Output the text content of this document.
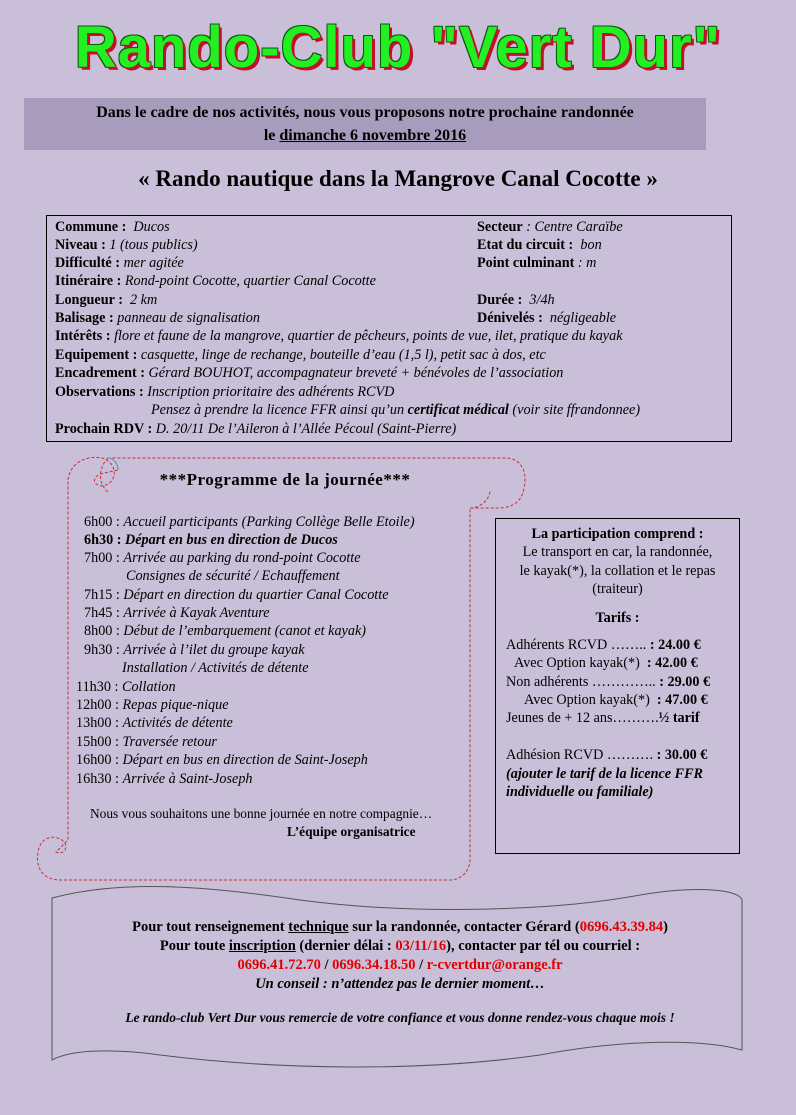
Rando-Club "Vert Dur"
Dans le cadre de nos activités, nous vous proposons notre prochaine randonnée
le dimanche 6 novembre 2016
« Rando nautique dans la Mangrove Canal Cocotte »
Commune : Ducos	Secteur : Centre Caraïbe
Niveau : 1 (tous publics)	Etat du circuit : bon
Difficulté : mer agitée	Point culminant : m
Itinéraire : Rond-point Cocotte, quartier Canal Cocotte
Longueur : 2 km	Durée : 3/4h
Balisage : panneau de signalisation	Dénivelés : négligeable
Intérêts : flore et faune de la mangrove, quartier de pêcheurs, points de vue, ilet, pratique du kayak
Equipement : casquette, linge de rechange, bouteille d’eau (1,5 l), petit sac à dos, etc
Encadrement : Gérard BOUHOT, accompagnateur breveté + bénévoles de l’association
Observations : Inscription prioritaire des adhérents RCVD
Pensez à prendre la licence FFR ainsi qu’un certificat médical (voir site ffrandonnee)
Prochain RDV : D. 20/11 De l’Aileron à l’Allée Pécoul (Saint-Pierre)
***Programme de la journée***
6h00 : Accueil participants (Parking Collège Belle Etoile)
6h30 : Départ en bus en direction de Ducos
7h00 : Arrivée au parking du rond-point Cocotte
Consignes de sécurité / Echauffement
7h15 : Départ en direction du quartier Canal Cocotte
7h45 : Arrivée à Kayak Aventure
8h00 : Début de l’embarquement (canot et kayak)
9h30 : Arrivée à l’ilet du groupe kayak
Installation / Activités de détente
11h30 : Collation
12h00 : Repas pique-nique
13h00 : Activités de détente
15h00 : Traversée retour
16h00 : Départ en bus en direction de Saint-Joseph
16h30 : Arrivée à Saint-Joseph
Nous vous souhaitons une bonne journée en notre compagnie…
L’équipe organisatrice
La participation comprend :
Le transport en car, la randonnée,
le kayak(*), la collation et le repas
(traiteur)
Tarifs :
Adhérents RCVD …….. : 24.00 €
Avec Option kayak(*) : 42.00 €
Non adhérents ………….. : 29.00 €
Avec Option kayak(*) : 47.00 €
Jeunes de + 12 ans……….½ tarif
Adhésion RCVD ………. : 30.00 €
(ajouter le tarif de la licence FFR individuelle ou familiale)
Pour tout renseignement technique sur la randonnée, contacter Gérard (0696.43.39.84)
Pour toute inscription (dernier délai : 03/11/16), contacter par tél ou courriel :
0696.41.72.70 / 0696.34.18.50 / r-cvertdur@orange.fr
Un conseil : n’attendez pas le dernier moment…
Le rando-club Vert Dur vous remercie de votre confiance et vous donne rendez-vous chaque mois !
